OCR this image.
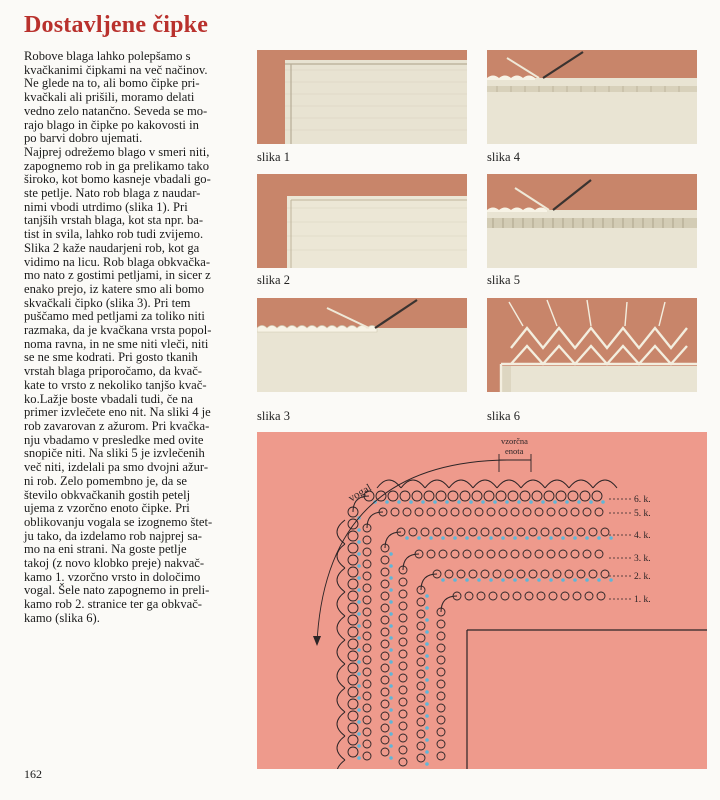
Dostavljene čipke
Robove blaga lahko polepšamo s
kvačkanimi čipkami na več načinov.
Ne glede na to, ali bomo čipke pri-
kvačkali ali prišili, moramo delati
vedno zelo natančno. Seveda se mo-
rajo blago in čipke po kakovosti in
po barvi dobro ujemati.
Najprej odrežemo blago v smeri niti,
zapognemo rob in ga prelikamo tako
široko, kot bomo kasneje vbadali go-
ste petlje. Nato rob blaga z naudar-
nimi vbodi utrdimo (slika 1). Pri
tanjših vrstah blaga, kot sta npr. ba-
tist in svila, lahko rob tudi zvijemo.
Slika 2 kaže naudarjeni rob, kot ga
vidimo na licu. Rob blaga obkvačka-
mo nato z gostimi petljami, in sicer z
enako prejo, iz katere smo ali bomo
skvačkali čipko (slika 3). Pri tem
puščamo med petljami za toliko niti
razmaka, da je kvačkana vrsta popol-
noma ravna, in ne sme niti vleči, niti
se ne sme kodrati. Pri gosto tkanih
vrstah blaga priporočamo, da kvač-
kate to vrsto z nekoliko tanjšo kvač-
ko.Lažje boste vbadali tudi, če na
primer izvlečete eno nit. Na sliki 4 je
rob zavarovan z ažurom. Pri kvačka-
nju vbadamo v presledke med ovite
snopiče niti. Na sliki 5 je izvlečenih
več niti, izdelali pa smo dvojni ažur-
ni rob. Zelo pomembno je, da se
število obkvačkanih gostih petelj
ujema z vzorčno enoto čipke. Pri
oblikovanju vogala se izognemo štet-
ju tako, da izdelamo rob najprej sa-
mo na eni strani. Na goste petlje
takoj (z novo klobko preje) nakvač-
kamo 1. vzorčno vrsto in določimo
vogal. Šele nato zapognemo in preli-
kamo rob 2. stranice ter ga obkvač-
kamo (slika 6).
162
slika 1
slika 2
slika 3
slika 4
slika 5
slika 6
vogal
vzorčna
enota
6. k.
5. k.
4. k.
3. k.
2. k.
1. k.
